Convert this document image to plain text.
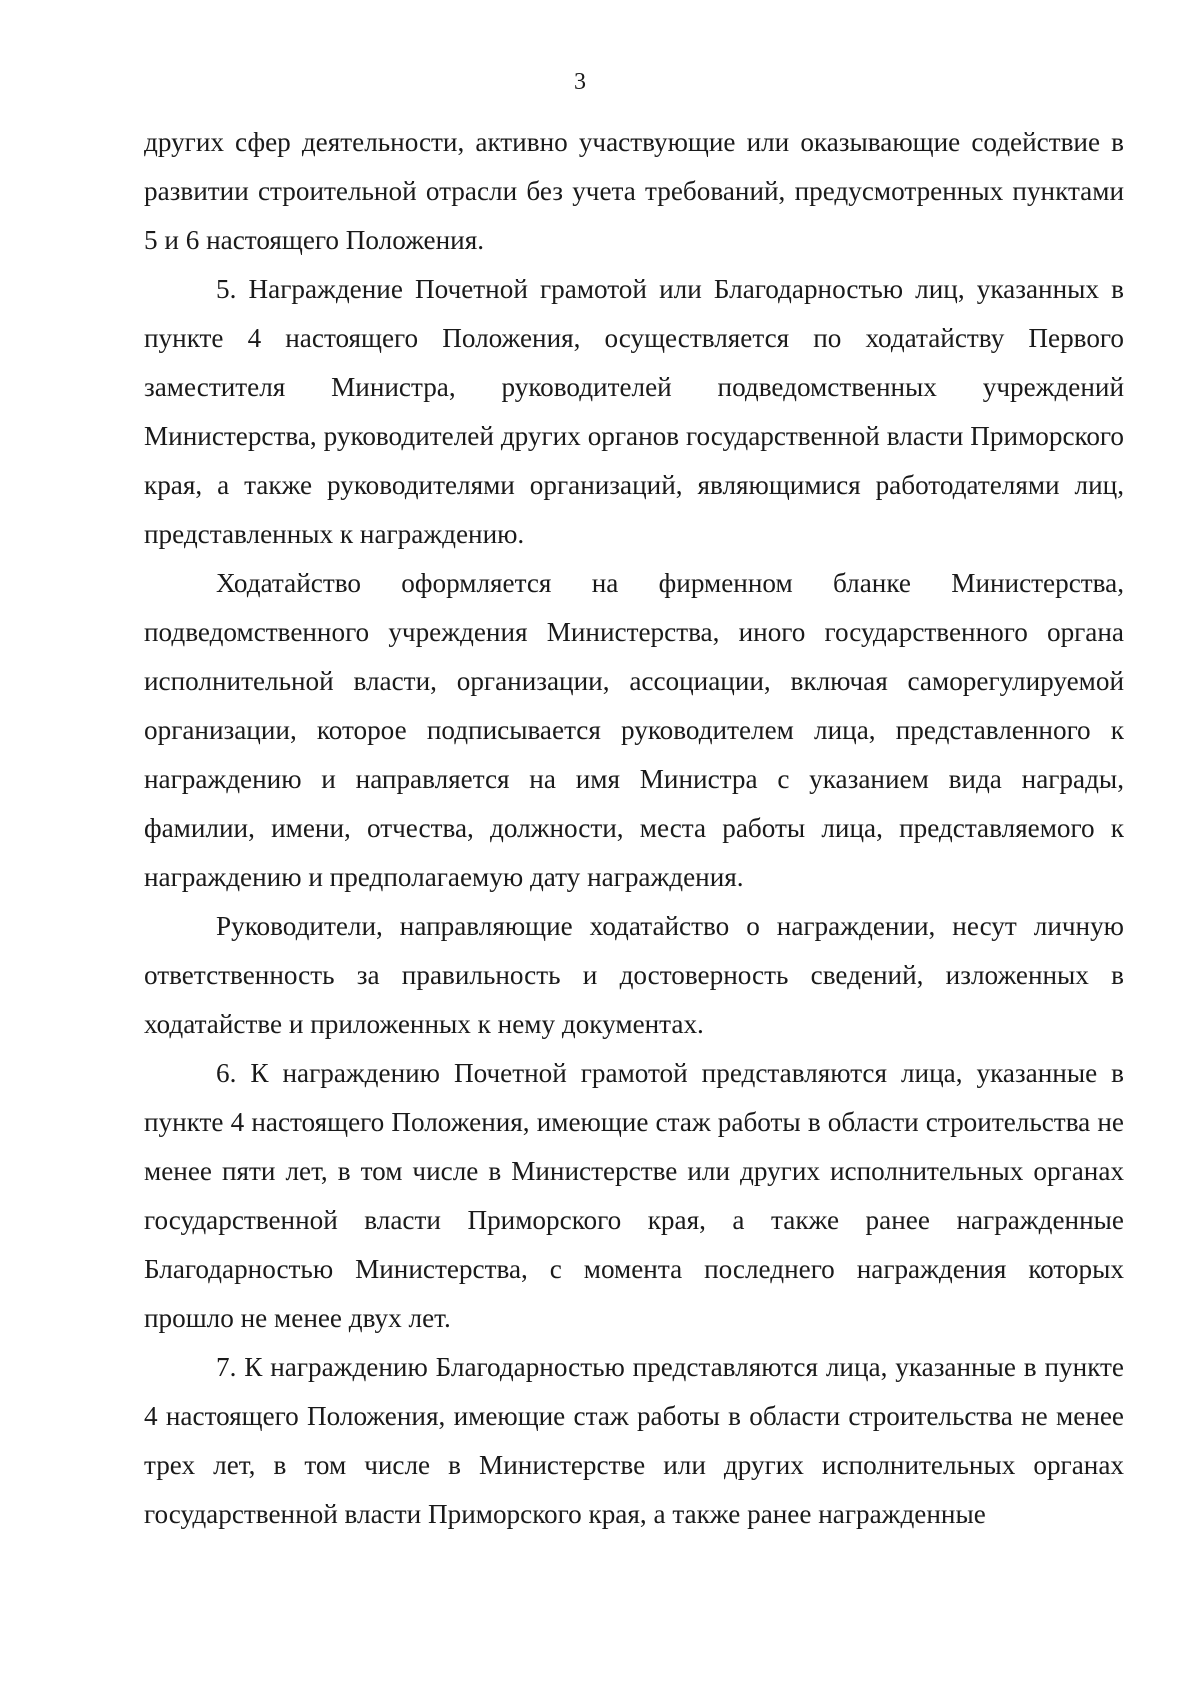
3

других сфер деятельности, активно участвующие или оказывающие содействие в развитии строительной отрасли без учета требований, предусмотренных пунктами 5 и 6 настоящего Положения.

5. Награждение Почетной грамотой или Благодарностью лиц, указанных в пункте 4 настоящего Положения, осуществляется по ходатайству Первого заместителя Министра, руководителей подведомственных учреждений Министерства, руководителей других органов государственной власти Приморского края, а также руководителями организаций, являющимися работодателями лиц, представленных к награждению.

Ходатайство оформляется на фирменном бланке Министерства, подведомственного учреждения Министерства, иного государственного органа исполнительной власти, организации, ассоциации, включая саморегулируемой организации, которое подписывается руководителем лица, представленного к награждению и направляется на имя Министра с указанием вида награды, фамилии, имени, отчества, должности, места работы лица, представляемого к награждению и предполагаемую дату награждения.

Руководители, направляющие ходатайство о награждении, несут личную ответственность за правильность и достоверность сведений, изложенных в ходатайстве и приложенных к нему документах.

6. К награждению Почетной грамотой представляются лица, указанные в пункте 4 настоящего Положения, имеющие стаж работы в области строительства не менее пяти лет, в том числе в Министерстве или других исполнительных органах государственной власти Приморского края, а также ранее награжденные Благодарностью Министерства, с момента последнего награждения которых прошло не менее двух лет.

7. К награждению Благодарностью представляются лица, указанные в пункте 4 настоящего Положения, имеющие стаж работы в области строительства не менее трех лет, в том числе в Министерстве или других исполнительных органах государственной власти Приморского края, а также ранее награжденные
